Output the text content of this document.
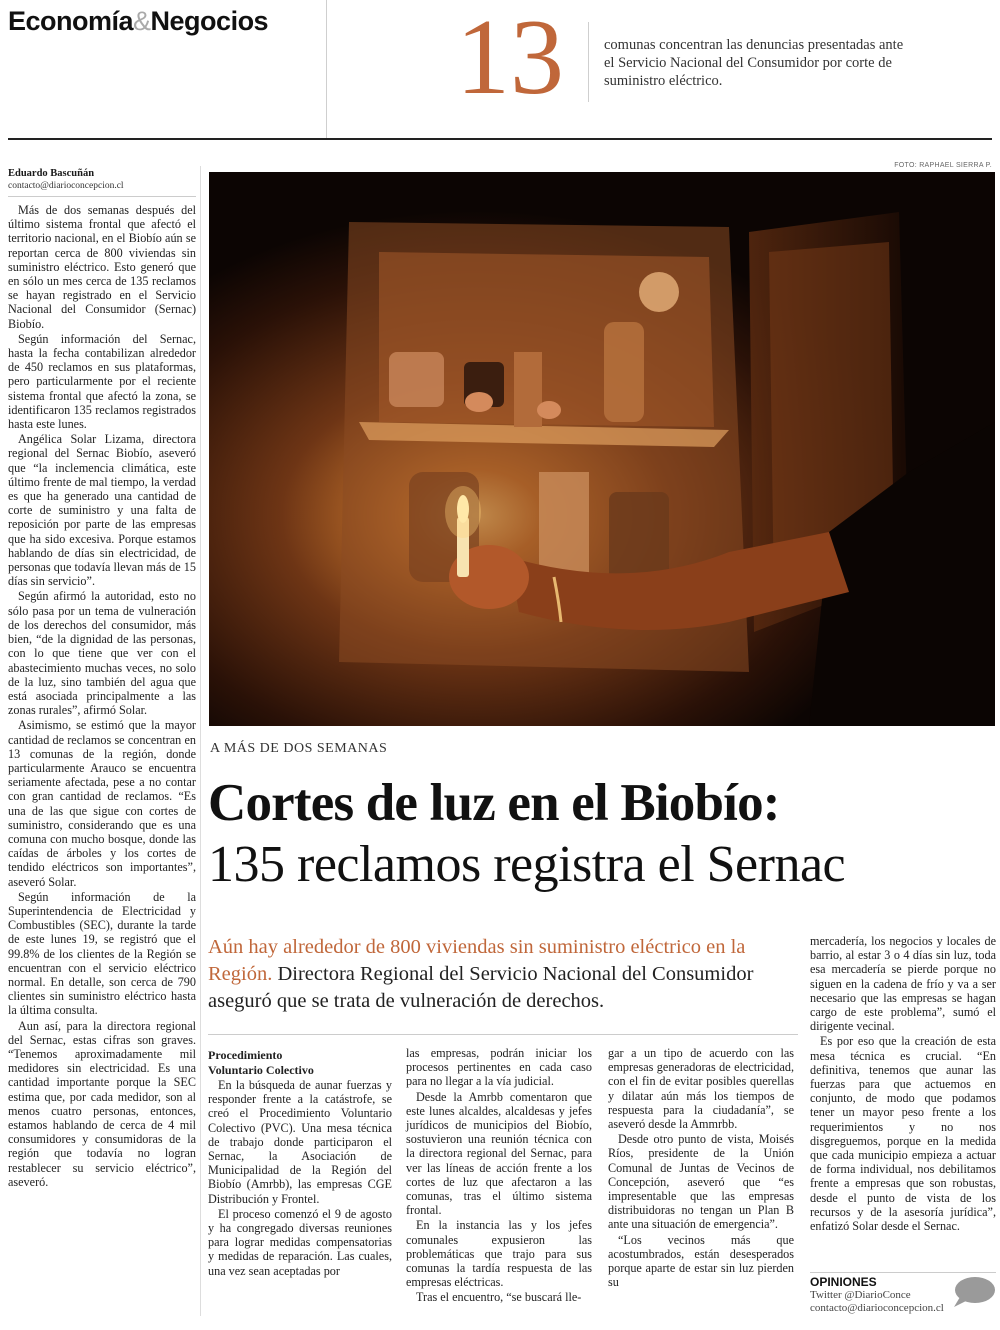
Economía&Negocios 13	comunas concentran las denuncias presentadas ante el Servicio Nacional del Consumidor por corte de suministro eléctrico.
Eduardo Bascuñán
contacto@diarioconcepcion.cl

Más de dos semanas después del último sistema frontal que afectó el territorio nacional, en el Biobío aún se reportan cerca de 800 viviendas sin suministro eléctrico. Esto generó que en sólo un mes cerca de 135 reclamos se hayan registrado en el Servicio Nacional del Consumidor (Sernac) Biobío.

Según información del Sernac, hasta la fecha contabilizan alrededor de 450 reclamos en sus plataformas, pero particularmente por el reciente sistema frontal que afectó la zona, se identificaron 135 reclamos registrados hasta este lunes.

Angélica Solar Lizama, directora regional del Sernac Biobío, aseveró que “la inclemencia climática, este último frente de mal tiempo, la verdad es que ha generado una cantidad de corte de suministro y una falta de reposición por parte de las empresas que ha sido excesiva. Porque estamos hablando de días sin electricidad, de personas que todavía llevan más de 15 días sin servicio”.

Según afirmó la autoridad, esto no sólo pasa por un tema de vulneración de los derechos del consumidor, más bien, “de la dignidad de las personas, con lo que tiene que ver con el abastecimiento muchas veces, no solo de la luz, sino también del agua que está asociada principalmente a las zonas rurales”, afirmó Solar.

Asimismo, se estimó que la mayor cantidad de reclamos se concentran en 13 comunas de la región, donde particularmente Arauco se encuentra seriamente afectada, pese a no contar con gran cantidad de reclamos. “Es una de las que sigue con cortes de suministro, considerando que es una comuna con mucho bosque, donde las caídas de árboles y los cortes de tendido eléctricos son importantes”, aseveró Solar.

Según información de la Superintendencia de Electricidad y Combustibles (SEC), durante la tarde de este lunes 19, se registró que el 99.8% de los clientes de la Región se encuentran con el servicio eléctrico normal. En detalle, son cerca de 790 clientes sin suministro eléctrico hasta la última consulta.

Aun así, para la directora regional del Sernac, estas cifras son graves. “Tenemos aproximadamente mil medidores sin electricidad. Es una cantidad importante porque la SEC estima que, por cada medidor, son al menos cuatro personas, entonces, estamos hablando de cerca de 4 mil consumidores y consumidoras de la región que todavía no logran restablecer su servicio eléctrico”, aseveró.

FOTO: RAPHAEL SIERRA P.
A MÁS DE DOS SEMANAS
Cortes de luz en el Biobío:
135 reclamos registra el Sernac
Aún hay alrededor de 800 viviendas sin suministro eléctrico en la Región. Directora Regional del Servicio Nacional del Consumidor aseguró que se trata de vulneración de derechos.

Procedimiento

Voluntario Colectivo

En la búsqueda de aunar fuerzas y responder frente a la catástrofe, se creó el Procedimiento Voluntario Colectivo (PVC). Una mesa técnica de trabajo donde participaron el Sernac, la Asociación de Municipalidad de la Región del Biobío (Amrbb), las empresas CGE Distribución y Frontel.

El proceso comenzó el 9 de agosto y ha congregado diversas reuniones para lograr medidas compensatorias y medidas de reparación. Las cuales, una vez sean aceptadas por

las empresas, podrán iniciar los procesos pertinentes en cada caso para no llegar a la vía judicial.

Desde la Amrbb comentaron que este lunes alcaldes, alcaldesas y jefes jurídicos de municipios del Biobío, sostuvieron una reunión técnica con la directora regional del Sernac, para ver las líneas de acción frente a los cortes de luz que afectaron a las comunas, tras el último sistema frontal.

En la instancia las y los jefes comunales expusieron las problemáticas que trajo para sus comunas la tardía respuesta de las empresas eléctricas.

Tras el encuentro, “se buscará lle-

gar a un tipo de acuerdo con las empresas generadoras de electricidad, con el fin de evitar posibles querellas y dilatar aún más los tiempos de respuesta para la ciudadanía”, se aseveró desde la Ammrbb.

Desde otro punto de vista, Moisés Ríos, presidente de la Unión Comunal de Juntas de Vecinos de Concepción, aseveró que “es impresentable que las empresas distribuidoras no tengan un Plan B ante una situación de emergencia”.

“Los vecinos más que acostumbrados, están desesperados porque aparte de estar sin luz pierden su

mercadería, los negocios y locales de barrio, al estar 3 o 4 días sin luz, toda esa mercadería se pierde porque no siguen en la cadena de frío y va a ser necesario que las empresas se hagan cargo de este problema”, sumó el dirigente vecinal.

Es por eso que la creación de esta mesa técnica es crucial. “En definitiva, tenemos que aunar las fuerzas para que actuemos en conjunto, de modo que podamos tener un mayor peso frente a los requerimientos y no nos disgreguemos, porque en la medida que cada municipio empieza a actuar de forma individual, nos debilitamos frente a empresas que son robustas, desde el punto de vista de los recursos y de la asesoría jurídica”, enfatizó Solar desde el Sernac.

OPINIONES
Twitter @DiarioConce
contacto@diarioconcepcion.cl
